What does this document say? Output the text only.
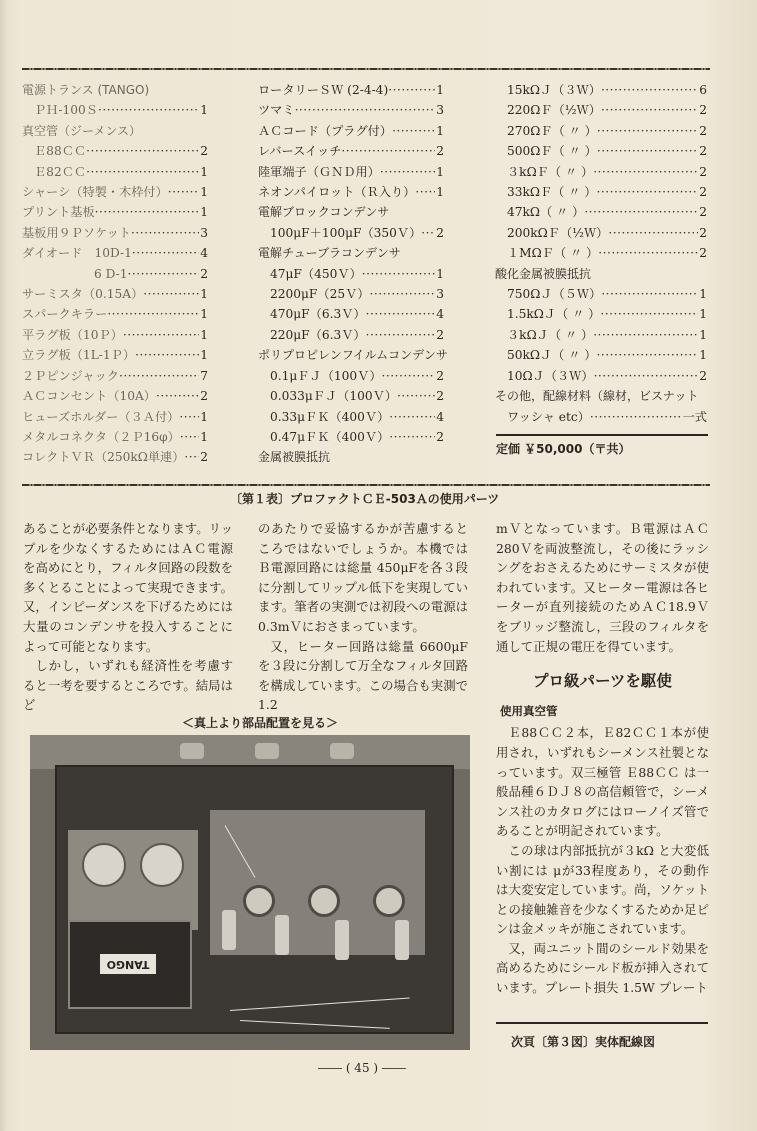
電源トランス (TANGO)
ＰＨ-100Ｓ ·····	1
真空管（ジーメンス）
Ｅ88ＣＣ ·····	2
Ｅ82ＣＣ ·····	1
シャーシ（特製・木枠付） ·····	1
プリント基板 ·····	1
基板用９Ｐソケット ·····	3
ダイオード　10D-1 ·····	4
6 D-1 ·····	2
サーミスタ（0.15A） ·····	1
スパークキラー ·····	1
平ラグ板（10Ｐ） ·····	1
立ラグ板（1L-1Ｐ） ·····	1
２Ｐピンジャック ·····	7
ＡＣコンセント（10A） ·····	2
ヒューズホルダー（３Ａ付） ····· 1
メタルコネクタ（２Ｐ16φ） ····· 1
コレクトＶＲ（250kΩ単連） ····· 2
ロータリーＳＷ (2-4-4) ·····	1
ツマミ ·····	3
ＡＣコード（プラグ付） ·····	1
レバースイッチ ·····	2
陸軍端子（ＧＮＤ用） ·····	1
ネオンパイロット（Ｒ入り） ····· 1
電解ブロックコンデンサ
100μF＋100μF（350Ｖ） ····· 2
電解チューブラコンデンサ
47μF（450Ｖ） ·····	1
2200μF（25Ｖ） ·····	3
470μF（6.3Ｖ） ·····	4
220μF（6.3Ｖ） ·····	2
ポリプロピレンフイルムコンデンサ
0.1μＦＪ（100Ｖ） ·····	2
0.033μＦＪ（100Ｖ） ·····	2
0.33μＦＫ（400Ｖ） ·····	4
0.47μＦＫ（400Ｖ） ·····	2
金属被膜抵抗
15kΩＪ（３Ｗ） ·····	6
220ΩＦ（½Ｗ） ·····	2
270ΩＦ（ 〃 ） ·····	2
500ΩＦ（ 〃 ） ·····	2
３kΩＦ（ 〃 ） ·····	2
33kΩＦ（ 〃 ） ·····	2
47kΩ（ 〃 ） ·····	2
200kΩＦ（½Ｗ） ·····	2
１MΩＦ（ 〃 ） ·····	2
酸化金属被膜抵抗
750ΩＪ（５Ｗ） ·····	1
1.5kΩＪ（ 〃 ） ·····	1
３kΩＪ（ 〃 ） ·····	1
50kΩＪ（ 〃 ） ·····	1
10ΩＪ（３Ｗ） ·····	2
その他，配線材料（線材，ビスナット
ワッシャ etc） ·····	一式
定価 ￥50,000（〒共）
〔第１表〕プロファクトＣＥ-503Ａの使用パーツ

あることが必要条件となります。リップルを少なくするためにはＡＣ電源を高めにとり，フィルタ回路の段数を多くとることによって実現できます。又，インピーダンスを下げるためには大量のコンデンサを投入することによって可能となります。

しかし，いずれも経済性を考慮すると一考を要するところです。結局はど

のあたりで妥協するかが苦慮するところではないでしょうか。本機ではＢ電源回路には総量 450μFを各３段に分割してリップル低下を実現しています。筆者の実測では初段への電源は 0.3mＶにおさまっています。

又，ヒーター回路は総量 6600μF を３段に分割して万全なフィルタ回路を構成しています。この場合も実測で1.2

mＶとなっています。Ｂ電源はＡＣ280Ｖを両波整流し，その後にラッシングをおさえるためにサーミスタが使われています。又ヒーター電源は各ヒーターが直列接続のためＡＣ18.9Ｖをブリッジ整流し，三段のフィルタを通して正規の電圧を得ています。

プロ級パーツを駆使
使用真空管

Ｅ88ＣＣ２本，Ｅ82ＣＣ１本が使用され，いずれもシーメンス社製となっています。双三極管 Ｅ88ＣＣ は一般品種６ＤＪ８の高信頼管で，シーメンス社のカタログにはローノイズ管であることが明記されています。

この球は内部抵抗が３kΩ と大変低い割には μが33程度あり，その動作は大変安定しています。尚，ソケットとの接触雑音を少なくするためか足ピンは金メッキが施こされています。

又，両ユニット間のシールド効果を高めるためにシールド板が挿入されています。プレート損失 1.5W プレート

次頁〔第３図〕実体配線図
＜真上より部品配置を見る＞
TANGO
―― ( 45 ) ――
